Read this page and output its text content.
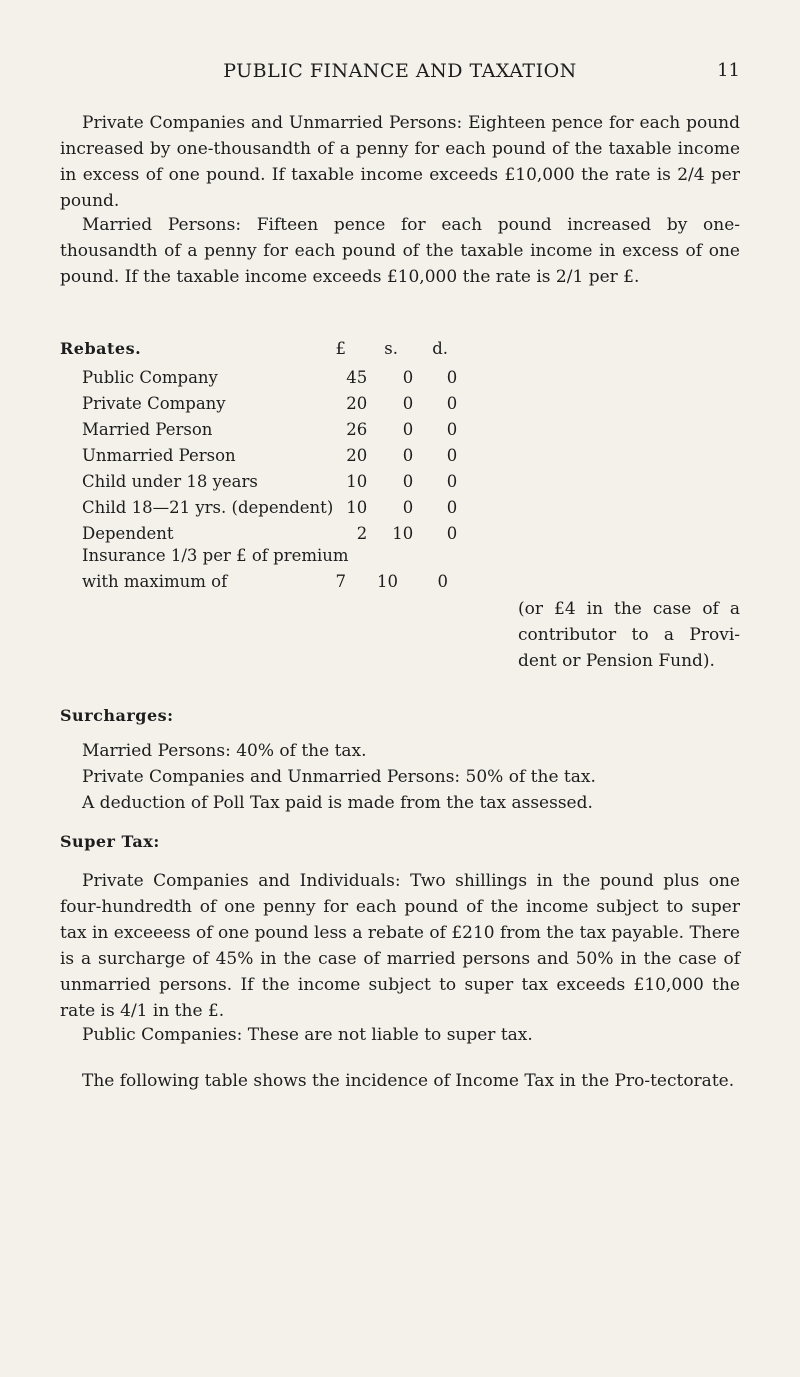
PUBLIC FINANCE AND TAXATION	11

Private Companies and Unmarried Persons: Eighteen pence for each pound increased by one-thousandth of a penny for each pound of the taxable income in excess of one pound. If taxable income exceeds £10,000 the rate is 2/4 per pound.

Married Persons: Fifteen pence for each pound increased by one-thousandth of a penny for each pound of the taxable income in excess of one pound. If the taxable income exceeds £10,000 the rate is 2/1 per £.

Rebates.	£	s.	d.
Public Company	45	0	0
Private Company	20	0	0
Married Person	26	0	0
Unmarried Person	20	0	0
Child under 18 years	10	0	0
Child 18—21 yrs. (dependent)	10	0	0
Dependent	2	10	0
Insurance 1/3 per £ of premium
with maximum of	7	10	0
(or £4 in the case of a contributor to a Provi-dent or Pension Fund).
Surcharges:
Married Persons: 40% of the tax.
Private Companies and Unmarried Persons: 50% of the tax.
A deduction of Poll Tax paid is made from the tax assessed.
Super Tax:

Private Companies and Individuals: Two shillings in the pound plus one four-hundredth of one penny for each pound of the income subject to super tax in exceeess of one pound less a rebate of £210 from the tax payable. There is a surcharge of 45% in the case of married persons and 50% in the case of unmarried persons. If the income subject to super tax exceeds £10,000 the rate is 4/1 in the £.

Public Companies: These are not liable to super tax.

The following table shows the incidence of Income Tax in the Pro-tectorate.
